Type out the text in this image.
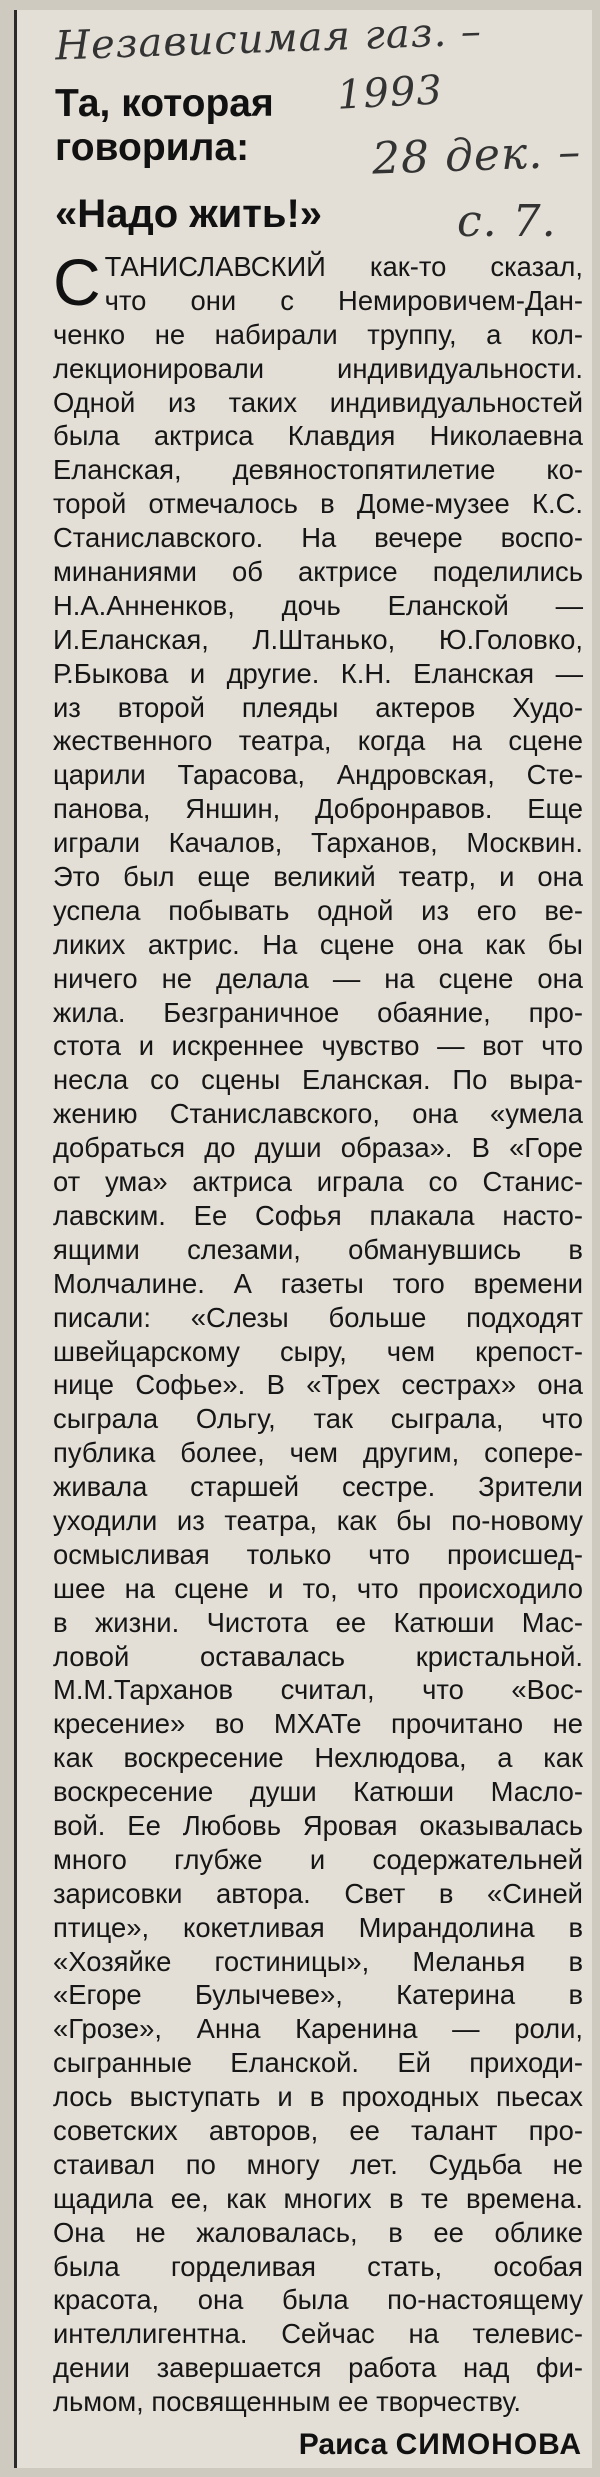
Независимая газ. –
1993
28 дек. –
с. 7.
Та, которая
говорила:
«Надо жить!»
С ТАНИСЛАВСКИЙ как-то сказал,
что они с Немировичем-Дан-
ченко не набирали труппу, а кол-
лекционировали индивидуальности.
Одной из таких индивидуальностей
была актриса Клавдия Николаевна
Еланская, девяностопятилетие ко-
торой отмечалось в Доме-музее К.С.
Станиславского. На вечере воспо-
минаниями об актрисе поделились
Н.А.Анненков, дочь Еланской —
И.Еланская, Л.Штанько, Ю.Головко,
Р.Быкова и другие. К.Н. Еланская —
из второй плеяды актеров Худо-
жественного театра, когда на сцене
царили Тарасова, Андровская, Сте-
панова, Яншин, Добронравов. Еще
играли Качалов, Тарханов, Москвин.
Это был еще великий театр, и она
успела побывать одной из его ве-
ликих актрис. На сцене она как бы
ничего не делала — на сцене она
жила. Безграничное обаяние, про-
стота и искреннее чувство — вот что
несла со сцены Еланская. По выра-
жению Станиславского, она «умела
добраться до души образа». В «Горе
от ума» актриса играла со Станис-
лавским. Ее Софья плакала насто-
ящими слезами, обманувшись в
Молчалине. А газеты того времени
писали: «Слезы больше подходят
швейцарскому сыру, чем крепост-
нице Софье». В «Трех сестрах» она
сыграла Ольгу, так сыграла, что
публика более, чем другим, сопере-
живала старшей сестре. Зрители
уходили из театра, как бы по-новому
осмысливая только что происшед-
шее на сцене и то, что происходило
в жизни. Чистота ее Катюши Мас-
ловой оставалась кристальной.
М.М.Тарханов считал, что «Вос-
кресение» во МХАТе прочитано не
как воскресение Нехлюдова, а как
воскресение души Катюши Маслo-
вой. Ее Любовь Яровая оказывалась
много глубже и содержательней
зарисовки автора. Свет в «Синей
птице», кокетливая Мирандолина в
«Хозяйке гостиницы», Меланья в
«Егоре Булычеве», Катерина в
«Грозе», Анна Каренина — роли,
сыгранные Еланской. Ей приходи-
лось выступать и в проходных пьесах
советских авторов, ее талант про-
стаивал по многу лет. Судьба не
щадила ее, как многих в те времена.
Она не жаловалась, в ее облике
была горделивая стать, особая
красота, она была по-настоящему
интеллигентна. Сейчас на телевис-
дении завершается работа над фи-
льмом, посвященным ее творчеству.

Раиса СИМОНОВА
